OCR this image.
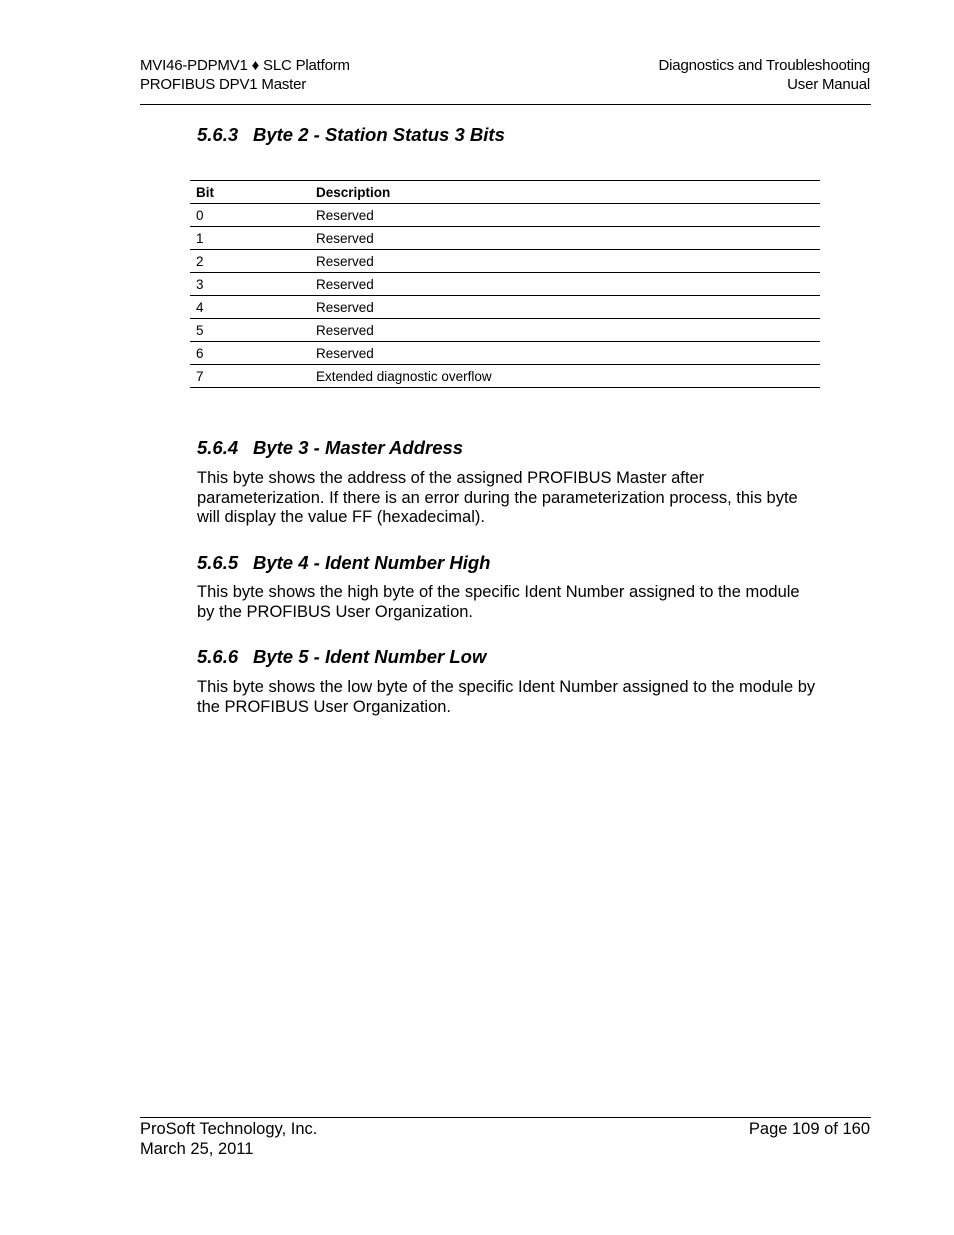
MVI46-PDPMV1 ♦ SLC Platform
PROFIBUS DPV1 Master
Diagnostics and Troubleshooting
User Manual
5.6.3 Byte 2 - Station Status 3 Bits
Bit	Description
0	Reserved
1	Reserved
2	Reserved
3	Reserved
4	Reserved
5	Reserved
6	Reserved
7	Extended diagnostic overflow
5.6.4 Byte 3 - Master Address
This byte shows the address of the assigned PROFIBUS Master after parameterization. If there is an error during the parameterization process, this byte will display the value FF (hexadecimal).
5.6.5 Byte 4 - Ident Number High
This byte shows the high byte of the specific Ident Number assigned to the module by the PROFIBUS User Organization.
5.6.6 Byte 5 - Ident Number Low
This byte shows the low byte of the specific Ident Number assigned to the module by the PROFIBUS User Organization.
ProSoft Technology, Inc.
March 25, 2011
Page 109 of 160
